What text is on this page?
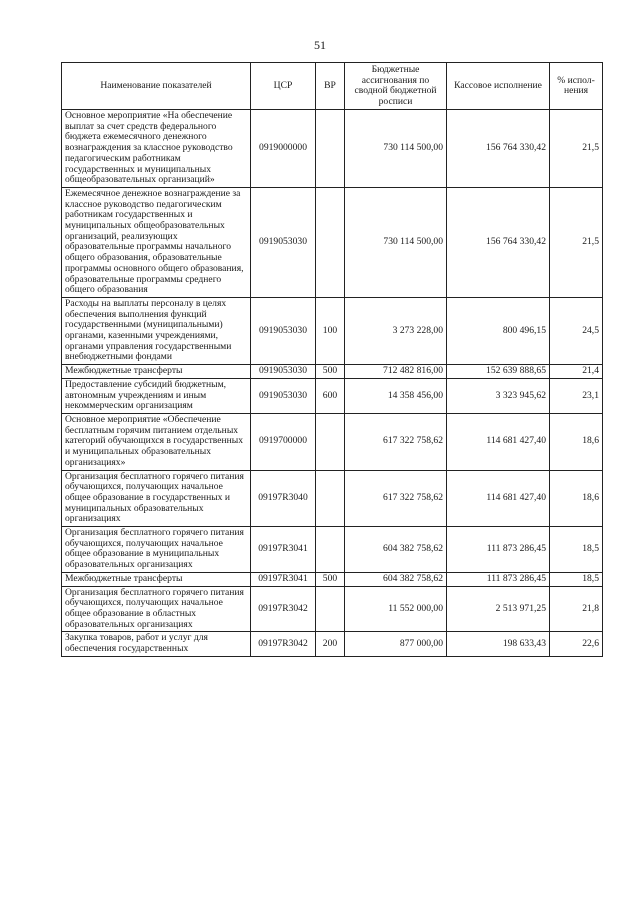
51
Наименование показателей	ЦСР	ВР	Бюджетные ассигнования по сводной бюджетной росписи	Кассовое исполнение	% испол-нения
Основное мероприятие «На обеспечение выплат за счет средств федерального бюджета ежемесячного денежного вознаграждения за классное руководство педагогическим работникам государственных и муниципальных общеобразовательных организаций»	0919000000		730 114 500,00	156 764 330,42	21,5
Ежемесячное денежное вознаграждение за классное руководство педагогическим работникам государственных и муниципальных общеобразовательных организаций, реализующих образовательные программы начального общего образования, образовательные программы основного общего образования, образовательные программы среднего общего образования	0919053030		730 114 500,00	156 764 330,42	21,5
Расходы на выплаты персоналу в целях обеспечения выполнения функций государственными (муниципальными) органами, казенными учреждениями, органами управления государственными внебюджетными фондами	0919053030	100	3 273 228,00	800 496,15	24,5
Межбюджетные трансферты	0919053030	500	712 482 816,00	152 639 888,65	21,4
Предоставление субсидий бюджетным, автономным учреждениям и иным некоммерческим организациям	0919053030	600	14 358 456,00	3 323 945,62	23,1
Основное мероприятие «Обеспечение бесплатным горячим питанием отдельных категорий обучающихся в государственных и муниципальных образовательных организациях»	0919700000		617 322 758,62	114 681 427,40	18,6
Организация бесплатного горячего питания обучающихся, получающих начальное общее образование в государственных и муниципальных образовательных организациях	09197R3040		617 322 758,62	114 681 427,40	18,6
Организация бесплатного горячего питания обучающихся, получающих начальное общее образование в муниципальных образовательных организациях	09197R3041		604 382 758,62	111 873 286,45	18,5
Межбюджетные трансферты	09197R3041	500	604 382 758,62	111 873 286,45	18,5
Организация бесплатного горячего питания обучающихся, получающих начальное общее образование в областных образовательных организациях	09197R3042		11 552 000,00	2 513 971,25	21,8
Закупка товаров, работ и услуг для обеспечения государственных	09197R3042	200	877 000,00	198 633,43	22,6
